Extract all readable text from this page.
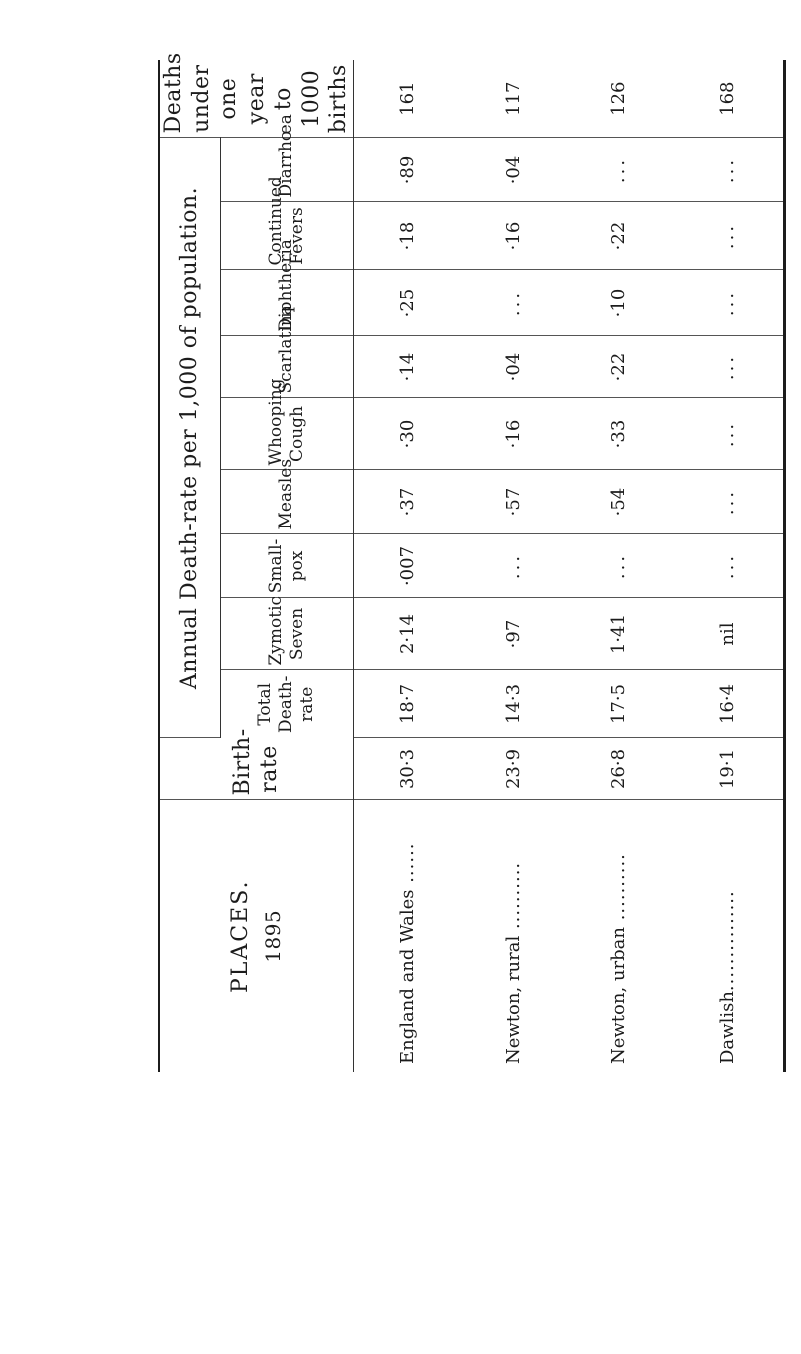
PLACES. 1895	Birth-rate	Annual Death-rate per 1,000 of population.									Deaths under one year to 1000 births
		Total Death-rate	Zymotic Seven	Small-pox	Measles	Whooping Cough	Scarlatina	Diphtheria	Continued Fevers	Diarrhœa	
England and Wales ......	30·3	18·7	2·14	·007	·37	·30	·14	·25	·18	·89	161
Newton, rural ..........	23·9	14·3	·97	...	·57	·16	·04	...	·16	·04	117
Newton, urban ..........	26·8	17·5	1·41	...	·54	·33	·22	·10	·22	...	126
Dawlish...............	19·1	16·4	nil	...	...	...	...	...	...	...	168
